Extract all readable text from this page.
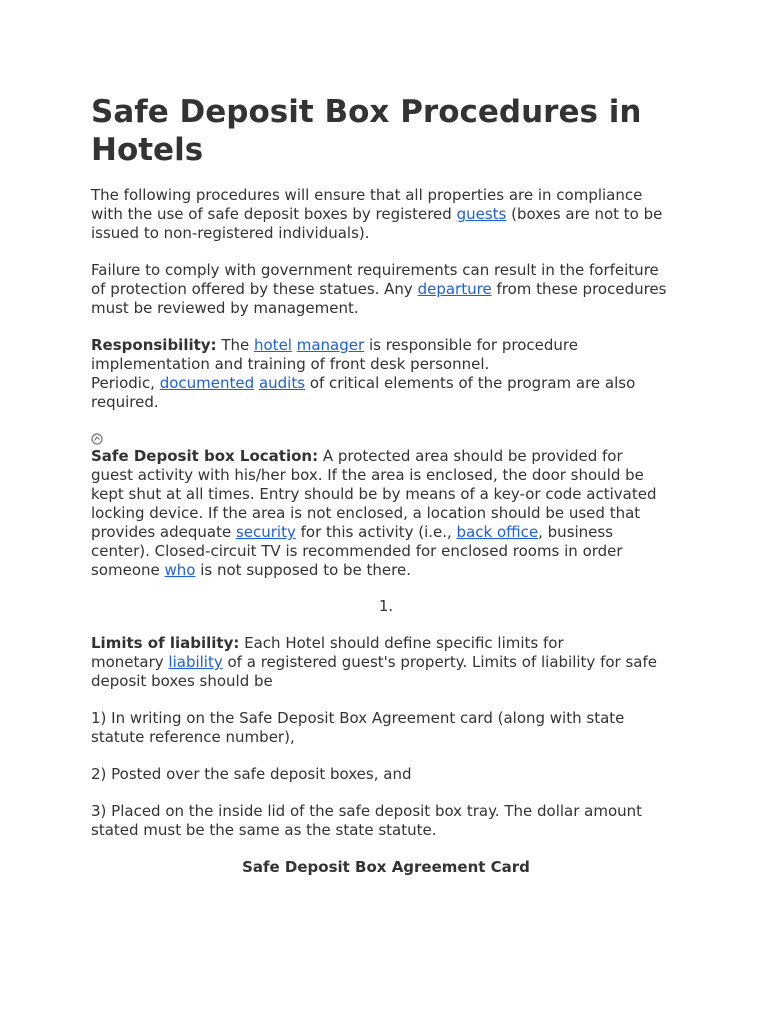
Safe Deposit Box Procedures in Hotels
The following procedures will ensure that all properties are in compliance
with the use of safe deposit boxes by registered guests (boxes are not to be
issued to non-registered individuals).
Failure to comply with government requirements can result in the forfeiture
of protection offered by these statues. Any departure from these procedures
must be reviewed by management.
Responsibility: The hotel manager is responsible for procedure
implementation and training of front desk personnel.
Periodic, documented audits of critical elements of the program are also
required.
Safe Deposit box Location: A protected area should be provided for
guest activity with his/her box. If the area is enclosed, the door should be
kept shut at all times. Entry should be by means of a key-or code activated
locking device. If the area is not enclosed, a location should be used that
provides adequate security for this activity (i.e., back office, business
center). Closed-circuit TV is recommended for enclosed rooms in order
someone who is not supposed to be there.
1.
Limits of liability: Each Hotel should define specific limits for
monetary liability of a registered guest's property. Limits of liability for safe
deposit boxes should be
1) In writing on the Safe Deposit Box Agreement card (along with state
statute reference number),
2) Posted over the safe deposit boxes, and
3) Placed on the inside lid of the safe deposit box tray. The dollar amount
stated must be the same as the state statute.
Safe Deposit Box Agreement Card
